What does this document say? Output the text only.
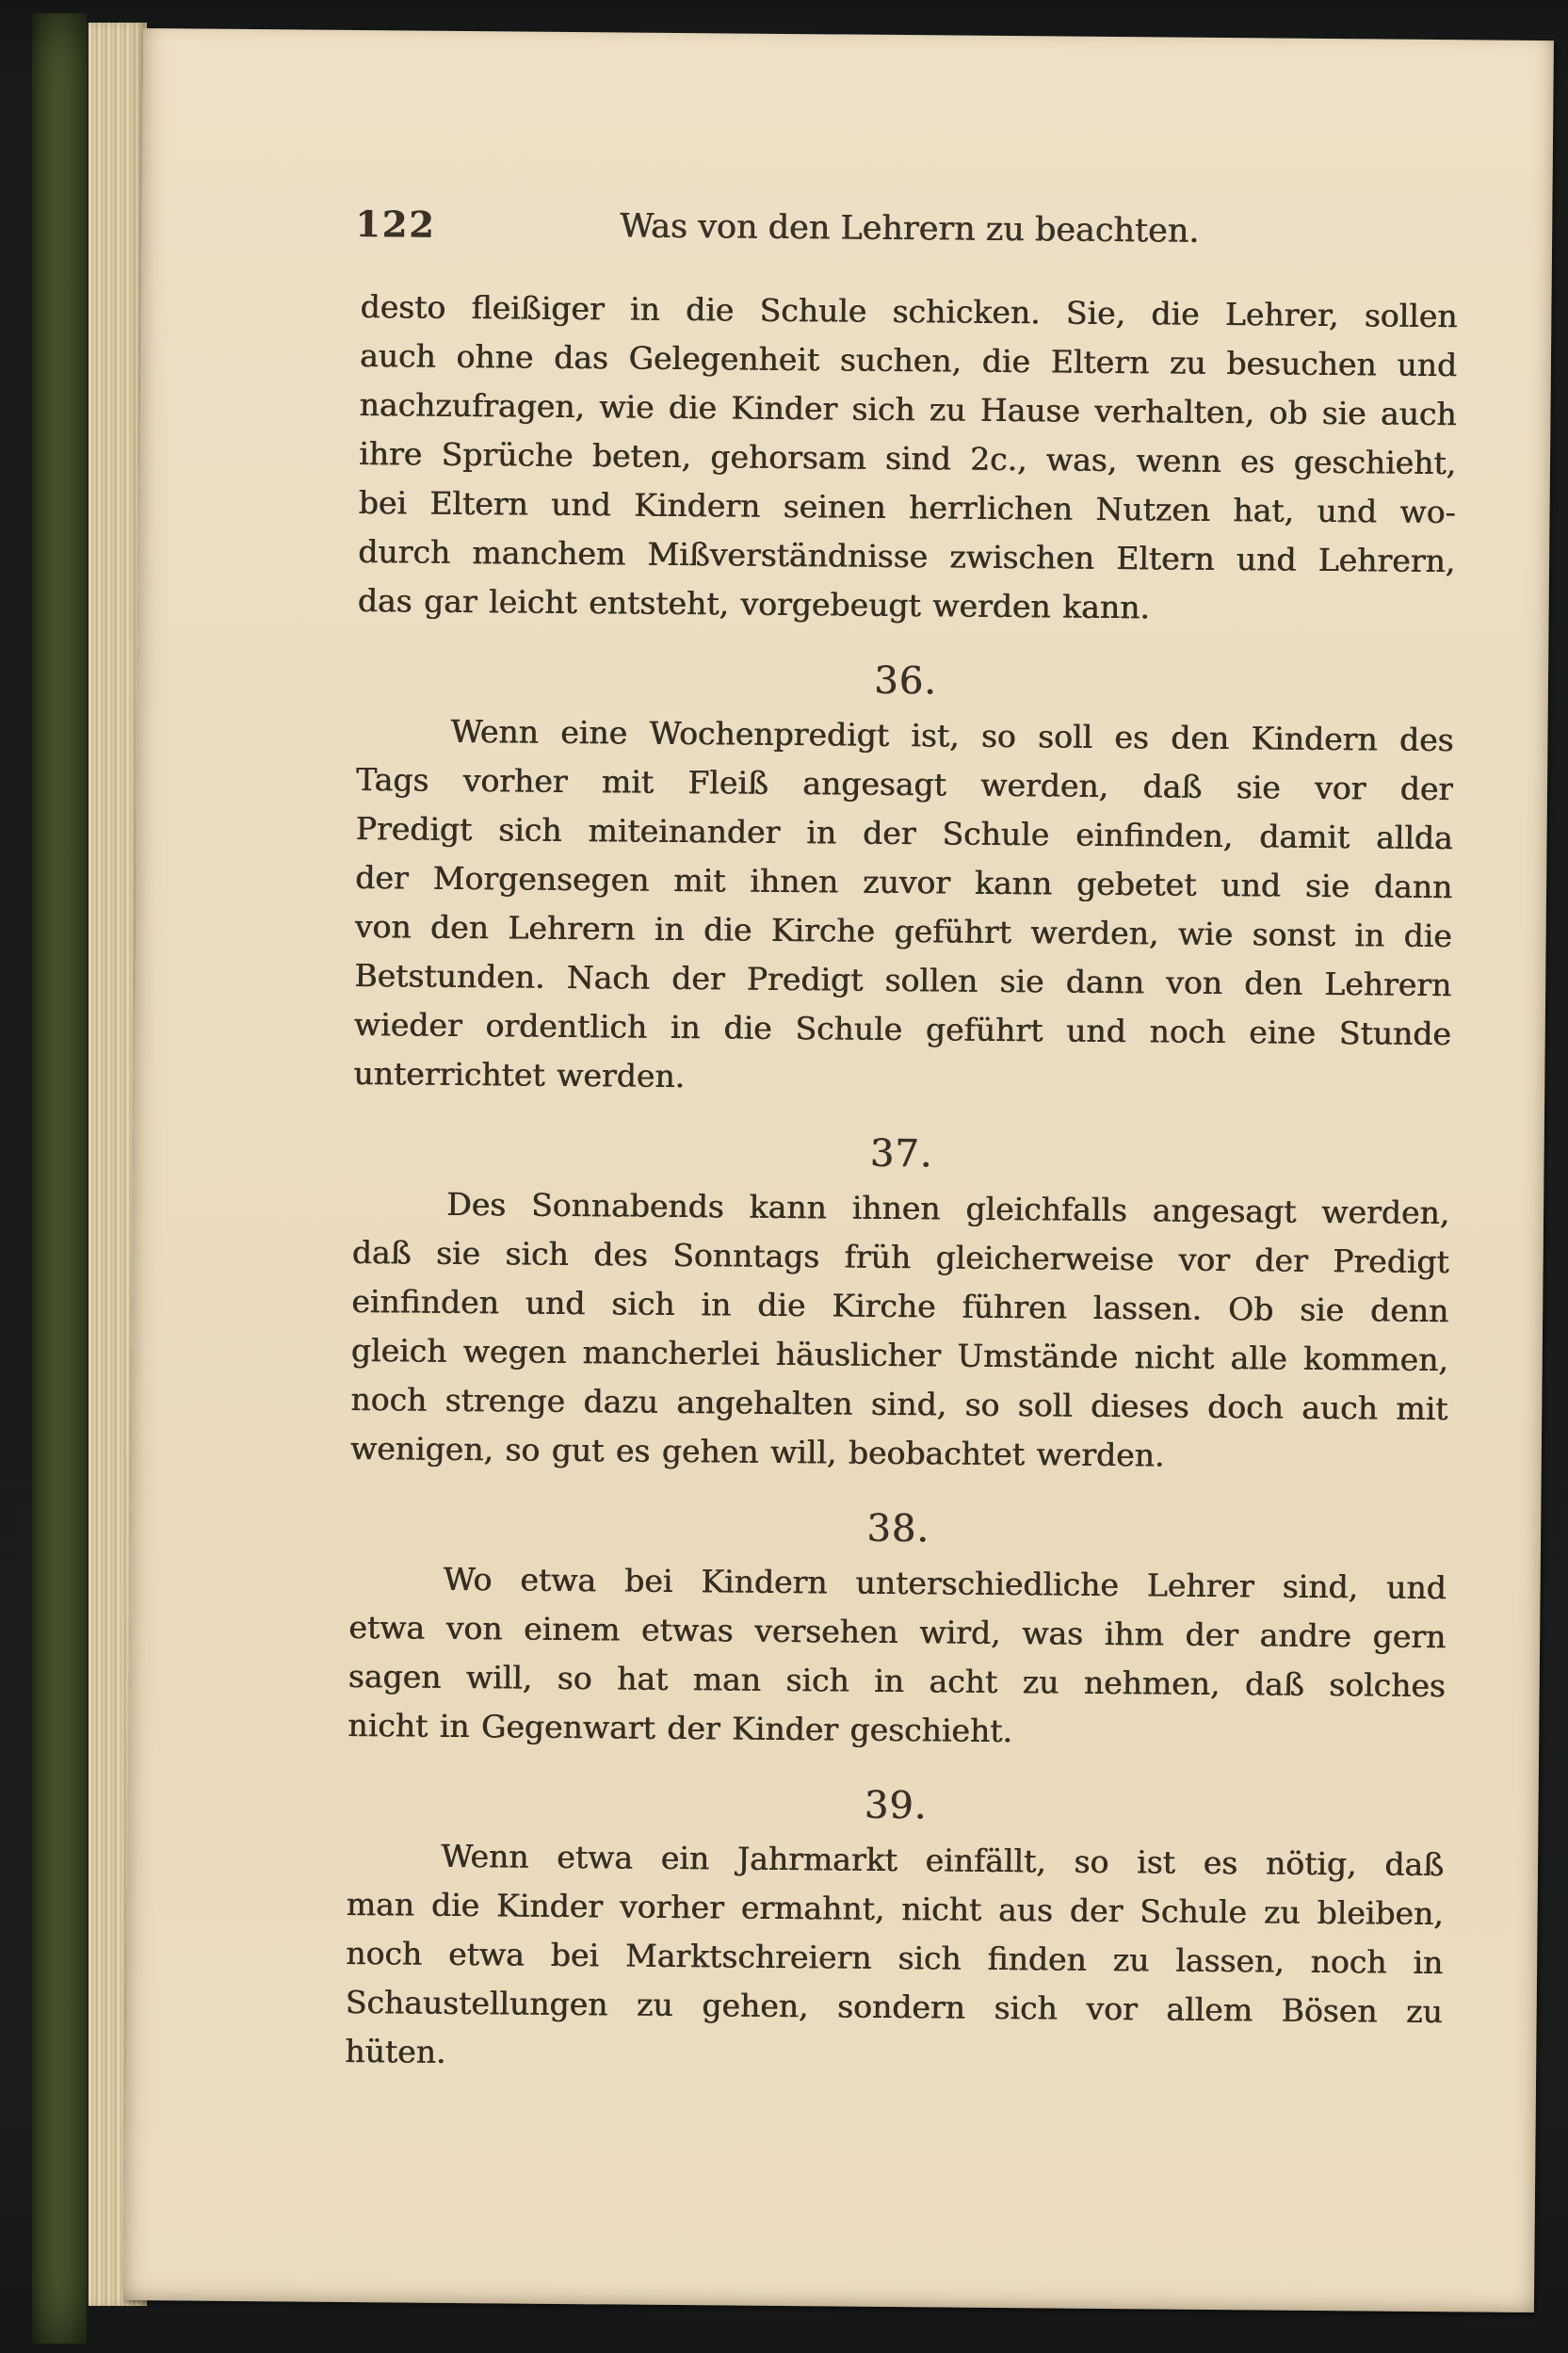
122	Was von den Lehrern zu beachten.
desto fleißiger in die Schule schicken. Sie, die Lehrer, sollen
auch ohne das Gelegenheit suchen, die Eltern zu besuchen und
nachzufragen, wie die Kinder sich zu Hause verhalten, ob sie auch
ihre Sprüche beten, gehorsam sind 2c., was, wenn es geschieht,
bei Eltern und Kindern seinen herrlichen Nutzen hat, und wo-
durch manchem Mißverständnisse zwischen Eltern und Lehrern,
das gar leicht entsteht, vorgebeugt werden kann.
36.
Wenn eine Wochenpredigt ist, so soll es den Kindern des
Tags vorher mit Fleiß angesagt werden, daß sie vor der
Predigt sich miteinander in der Schule einfinden, damit allda
der Morgensegen mit ihnen zuvor kann gebetet und sie dann
von den Lehrern in die Kirche geführt werden, wie sonst in die
Betstunden. Nach der Predigt sollen sie dann von den Lehrern
wieder ordentlich in die Schule geführt und noch eine Stunde
unterrichtet werden.
37.
Des Sonnabends kann ihnen gleichfalls angesagt werden,
daß sie sich des Sonntags früh gleicherweise vor der Predigt
einfinden und sich in die Kirche führen lassen. Ob sie denn
gleich wegen mancherlei häuslicher Umstände nicht alle kommen,
noch strenge dazu angehalten sind, so soll dieses doch auch mit
wenigen, so gut es gehen will, beobachtet werden.
38.
Wo etwa bei Kindern unterschiedliche Lehrer sind, und
etwa von einem etwas versehen wird, was ihm der andre gern
sagen will, so hat man sich in acht zu nehmen, daß solches
nicht in Gegenwart der Kinder geschieht.
39.
Wenn etwa ein Jahrmarkt einfällt, so ist es nötig, daß
man die Kinder vorher ermahnt, nicht aus der Schule zu bleiben,
noch etwa bei Marktschreiern sich finden zu lassen, noch in
Schaustellungen zu gehen, sondern sich vor allem Bösen zu
hüten.
